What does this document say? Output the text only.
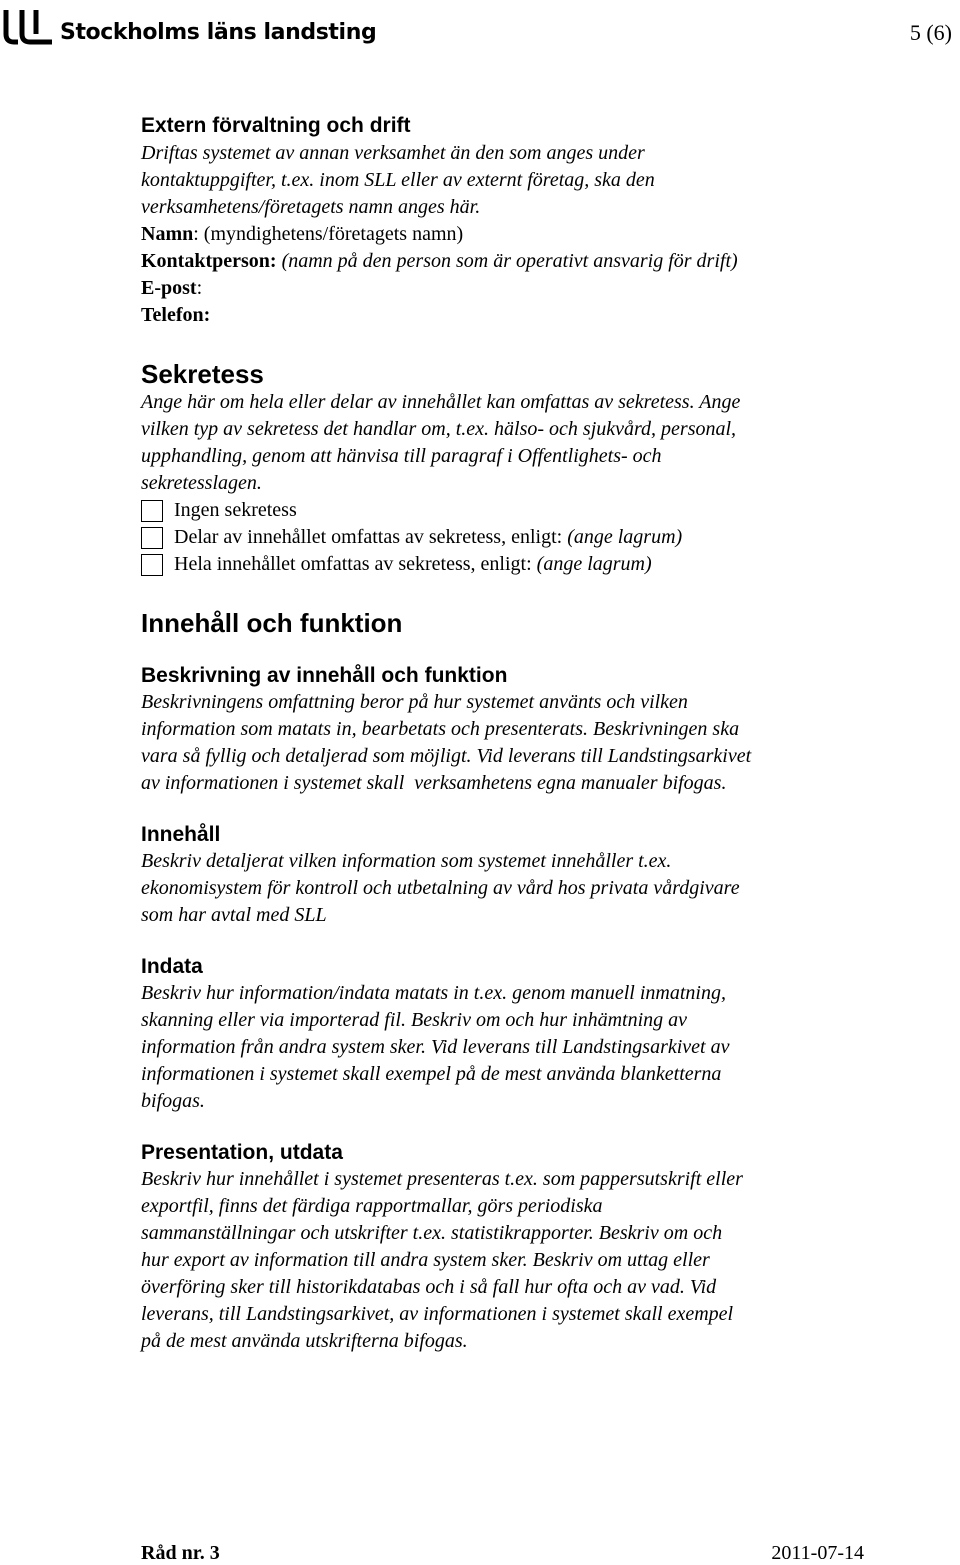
Stockholms läns landsting	5 (6)
Extern förvaltning och drift

Driftas systemet av annan verksamhet än den som anges under

kontaktuppgifter, t.ex. inom SLL eller av externt företag, ska den

verksamhetens/företagets namn anges här.

Namn: (myndighetens/företagets namn)

Kontaktperson: (namn på den person som är operativt ansvarig för drift)

E-post:

Telefon:

Sekretess

Ange här om hela eller delar av innehållet kan omfattas av sekretess. Ange

vilken typ av sekretess det handlar om, t.ex. hälso- och sjukvård, personal,

upphandling, genom att hänvisa till paragraf i Offentlighets- och

sekretesslagen.

Ingen sekretess
Delar av innehållet omfattas av sekretess, enligt: (ange lagrum)
Hela innehållet omfattas av sekretess, enligt: (ange lagrum)
Innehåll och funktion
Beskrivning av innehåll och funktion

Beskrivningens omfattning beror på hur systemet använts och vilken

information som matats in, bearbetats och presenterats. Beskrivningen ska

vara så fyllig och detaljerad som möjligt. Vid leverans till Landstingsarkivet

av informationen i systemet skall  verksamhetens egna manualer bifogas.

Innehåll

Beskriv detaljerat vilken information som systemet innehåller t.ex.

ekonomisystem för kontroll och utbetalning av vård hos privata vårdgivare

som har avtal med SLL

Indata

Beskriv hur information/indata matats in t.ex. genom manuell inmatning,

skanning eller via importerad fil. Beskriv om och hur inhämtning av

information från andra system sker. Vid leverans till Landstingsarkivet av

informationen i systemet skall exempel på de mest använda blanketterna

bifogas.

Presentation, utdata

Beskriv hur innehållet i systemet presenteras t.ex. som pappersutskrift eller

exportfil, finns det färdiga rapportmallar, görs periodiska

sammanställningar och utskrifter t.ex. statistikrapporter. Beskriv om och

hur export av information till andra system sker. Beskriv om uttag eller

överföring sker till historikdatabas och i så fall hur ofta och av vad. Vid

leverans, till Landstingsarkivet, av informationen i systemet skall exempel

på de mest använda utskrifterna bifogas.

Råd nr. 3	2011-07-14
